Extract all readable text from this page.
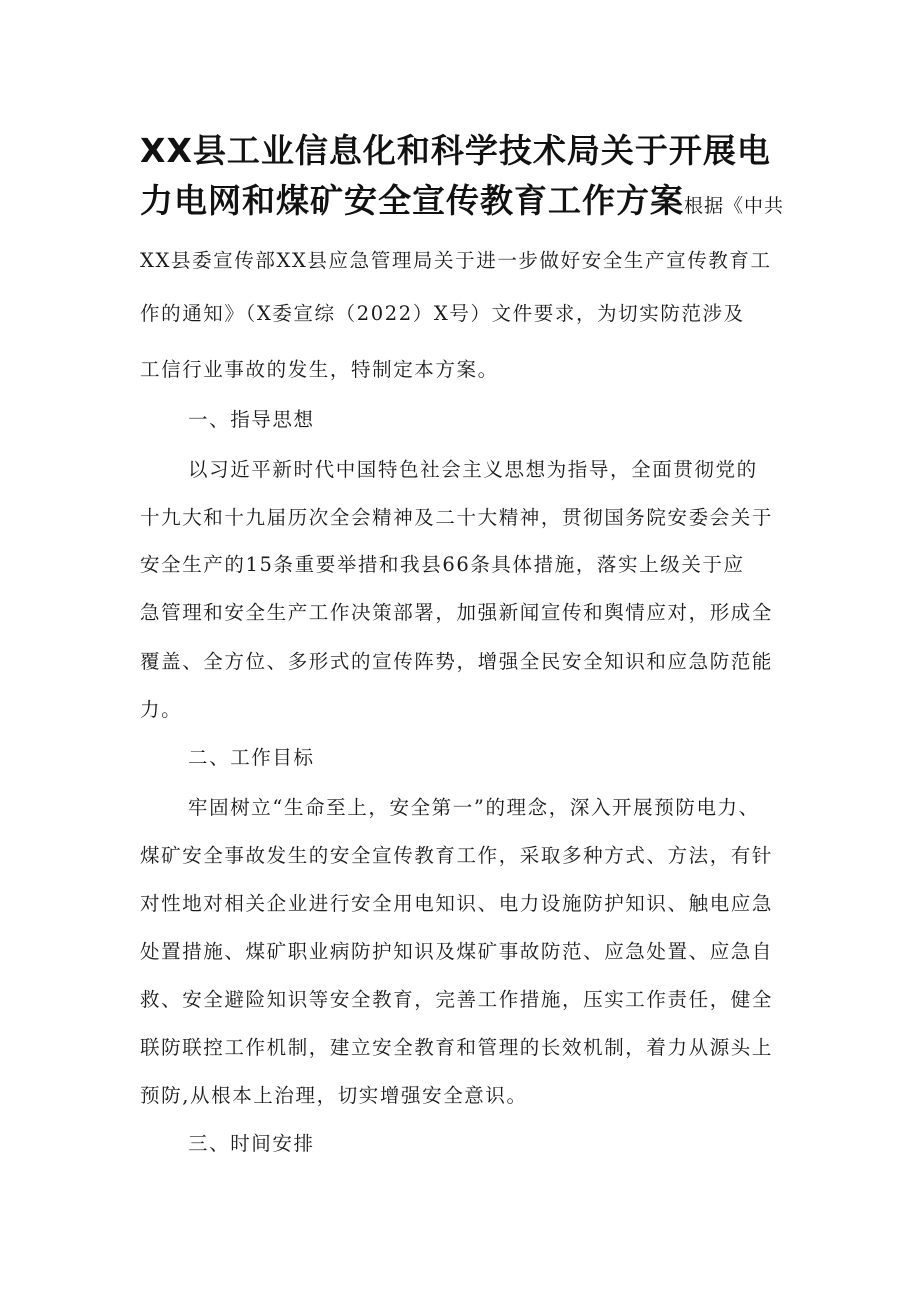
XX县工业信息化和科学技术局关于开展电
力电网和煤矿安全宣传教育工作方案根据《中共
XX县委宣传部XX县应急管理局关于进一步做好安全生产宣传教育工
作的通知》（X委宣综（2022）X号）文件要求，为切实防范涉及
工信行业事故的发生，特制定本方案。
一、指导思想
以习近平新时代中国特色社会主义思想为指导，全面贯彻党的
十九大和十九届历次全会精神及二十大精神，贯彻国务院安委会关于
安全生产的15条重要举措和我县66条具体措施，落实上级关于应
急管理和安全生产工作决策部署，加强新闻宣传和舆情应对，形成全
覆盖、全方位、多形式的宣传阵势，增强全民安全知识和应急防范能
力。
二、工作目标
牢固树立“生命至上，安全第一”的理念，深入开展预防电力、
煤矿安全事故发生的安全宣传教育工作，采取多种方式、方法，有针
对性地对相关企业进行安全用电知识、电力设施防护知识、触电应急
处置措施、煤矿职业病防护知识及煤矿事故防范、应急处置、应急自
救、安全避险知识等安全教育，完善工作措施，压实工作责任，健全
联防联控工作机制，建立安全教育和管理的长效机制，着力从源头上
预防,从根本上治理，切实增强安全意识。
三、时间安排
